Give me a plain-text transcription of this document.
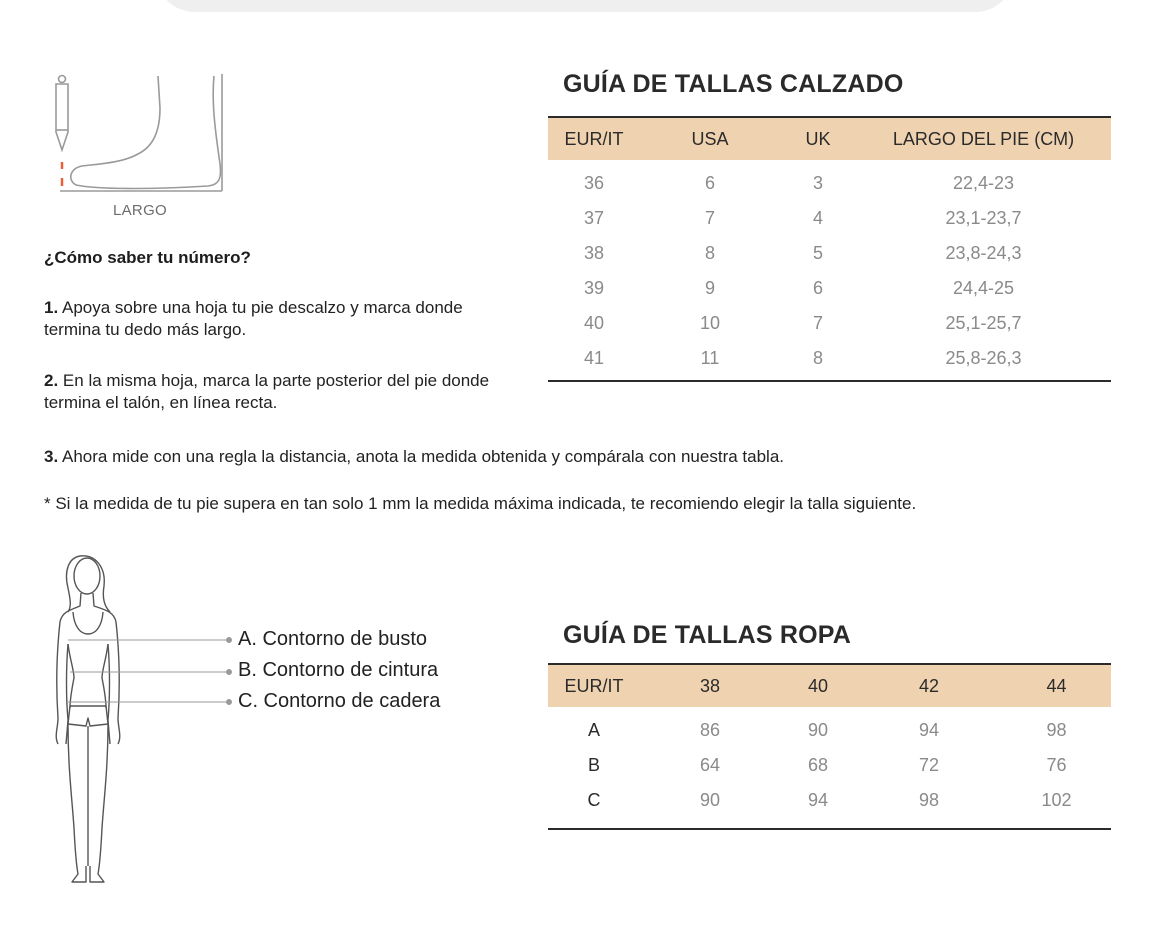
LARGO
¿Cómo saber tu número?
1. Apoya sobre una hoja tu pie descalzo y marca donde termina tu dedo más largo.
2. En la misma hoja, marca la parte posterior del pie donde termina el talón, en línea recta.
3. Ahora mide con una regla la distancia, anota la medida obtenida y compárala con nuestra tabla.
* Si la medida de tu pie supera en tan solo 1 mm la medida máxima indicada, te recomiendo elegir la talla siguiente.
GUÍA DE TALLAS CALZADO
EUR/IT	USA	UK	LARGO DEL PIE (CM)
36	6	3	22,4-23
37	7	4	23,1-23,7
38	8	5	23,8-24,3
39	9	6	24,4-25
40	10	7	25,1-25,7
41	11	8	25,8-26,3
A. Contorno de busto
B. Contorno de cintura
C. Contorno de cadera
GUÍA DE TALLAS ROPA
EUR/IT	38	40	42	44
A	86	90	94	98
B	64	68	72	76
C	90	94	98	102
